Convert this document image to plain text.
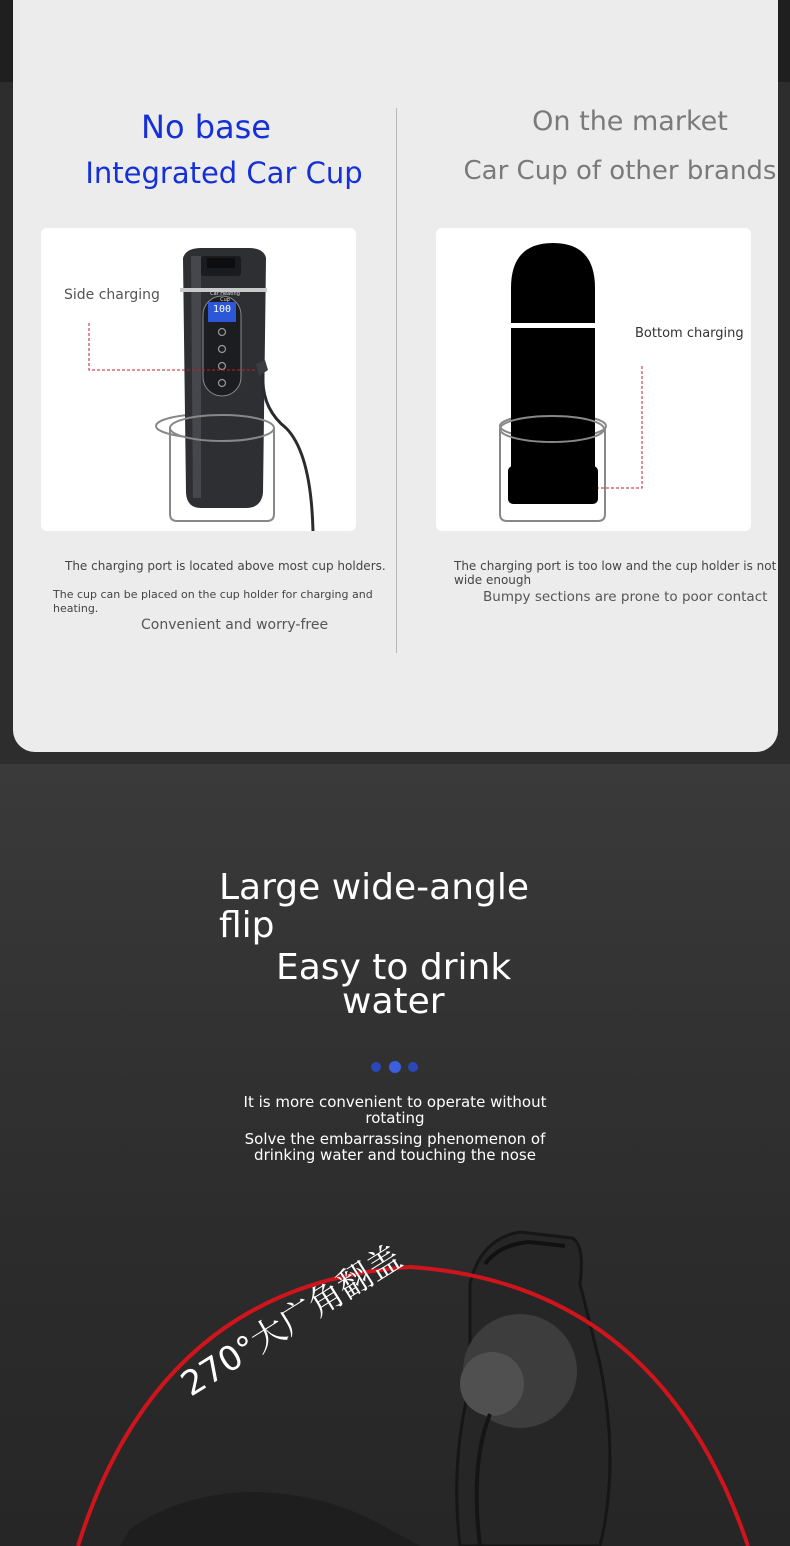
No base
Integrated Car Cup
On the market
Car Cup of other brands
Car Heating Cup
100
Side charging
Bottom charging
The charging port is located above most cup holders.
The cup can be placed on the cup holder for charging and heating.
Convenient and worry-free
The charging port is too low and the cup holder is not wide enough
Bumpy sections are prone to poor contact
Large wide-angle
flip
Easy to drink
water
It is more convenient to operate without rotating
Solve the embarrassing phenomenon of drinking water and touching the nose
270°大广角翻盖
